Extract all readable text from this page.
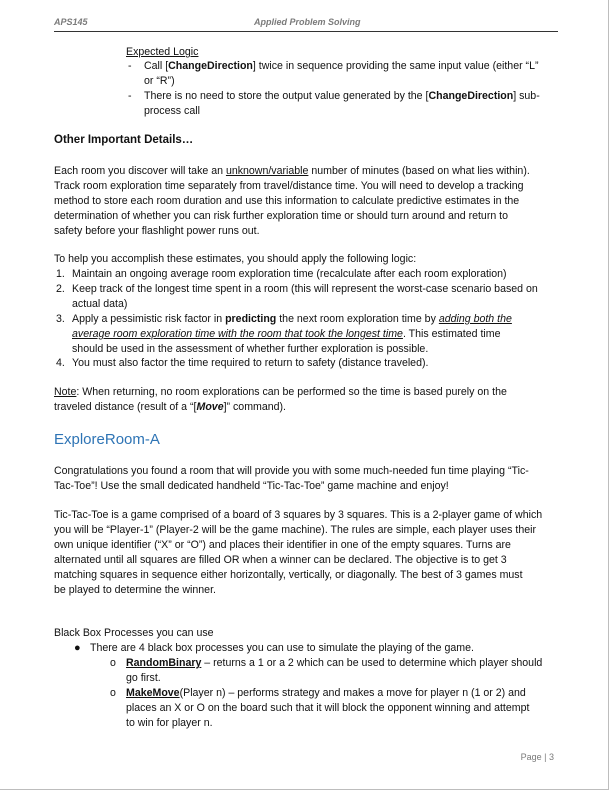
APS145	Applied Problem Solving
Expected Logic
- Call [ChangeDirection] twice in sequence providing the same input value (either “L”
or “R”)
- There is no need to store the output value generated by the [ChangeDirection] sub-
process call
Other Important Details…
Each room you discover will take an unknown/variable number of minutes (based on what lies within).
Track room exploration time separately from travel/distance time. You will need to develop a tracking
method to store each room duration and use this information to calculate predictive estimates in the
determination of whether you can risk further exploration time or should turn around and return to
safety before your flashlight power runs out.
To help you accomplish these estimates, you should apply the following logic:
1. Maintain an ongoing average room exploration time (recalculate after each room exploration)
2. Keep track of the longest time spent in a room (this will represent the worst-case scenario based on
actual data)
3. Apply a pessimistic risk factor in predicting the next room exploration time by adding both the
average room exploration time with the room that took the longest time. This estimated time
should be used in the assessment of whether further exploration is possible.
4. You must also factor the time required to return to safety (distance traveled).
Note: When returning, no room explorations can be performed so the time is based purely on the
traveled distance (result of a “[Move]” command).
ExploreRoom-A
Congratulations you found a room that will provide you with some much-needed fun time playing “Tic-
Tac-Toe”! Use the small dedicated handheld “Tic-Tac-Toe” game machine and enjoy!
Tic-Tac-Toe is a game comprised of a board of 3 squares by 3 squares. This is a 2-player game of which
you will be “Player-1” (Player-2 will be the game machine). The rules are simple, each player uses their
own unique identifier (“X” or “O”) and places their identifier in one of the empty squares. Turns are
alternated until all squares are filled OR when a winner can be declared. The objective is to get 3
matching squares in sequence either horizontally, vertically, or diagonally. The best of 3 games must
be played to determine the winner.
Black Box Processes you can use
● There are 4 black box processes you can use to simulate the playing of the game.
o RandomBinary – returns a 1 or a 2 which can be used to determine which player should
go first.
o MakeMove(Player n) – performs strategy and makes a move for player n (1 or 2) and
places an X or O on the board such that it will block the opponent winning and attempt
to win for player n.
Page | 3
